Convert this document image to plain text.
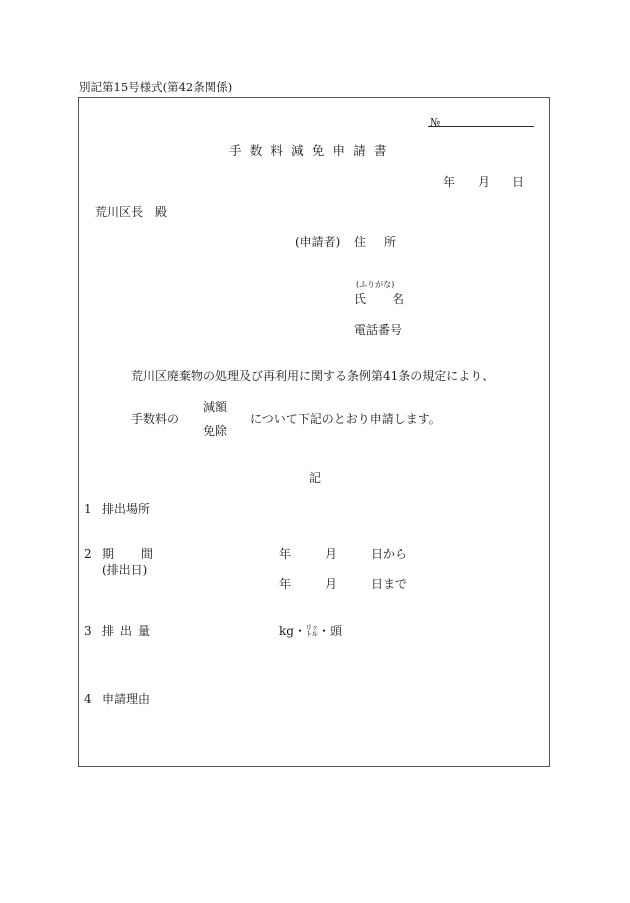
別記第15号様式(第42条関係)
№
手数料減免申請書
年 月 日
荒川区長　殿
(申請者) 住所
(ふりがな)
氏名
電話番号
荒川区廃棄物の処理及び再利用に関する条例第41条の規定により、
手数料の
減額
免除
について下記のとおり申請します。
記
1 排出場所
2 期間
(排出日)
年	月	日から
年	月	日まで
3 排出量	kg・㍑・頭
4 申請理由
